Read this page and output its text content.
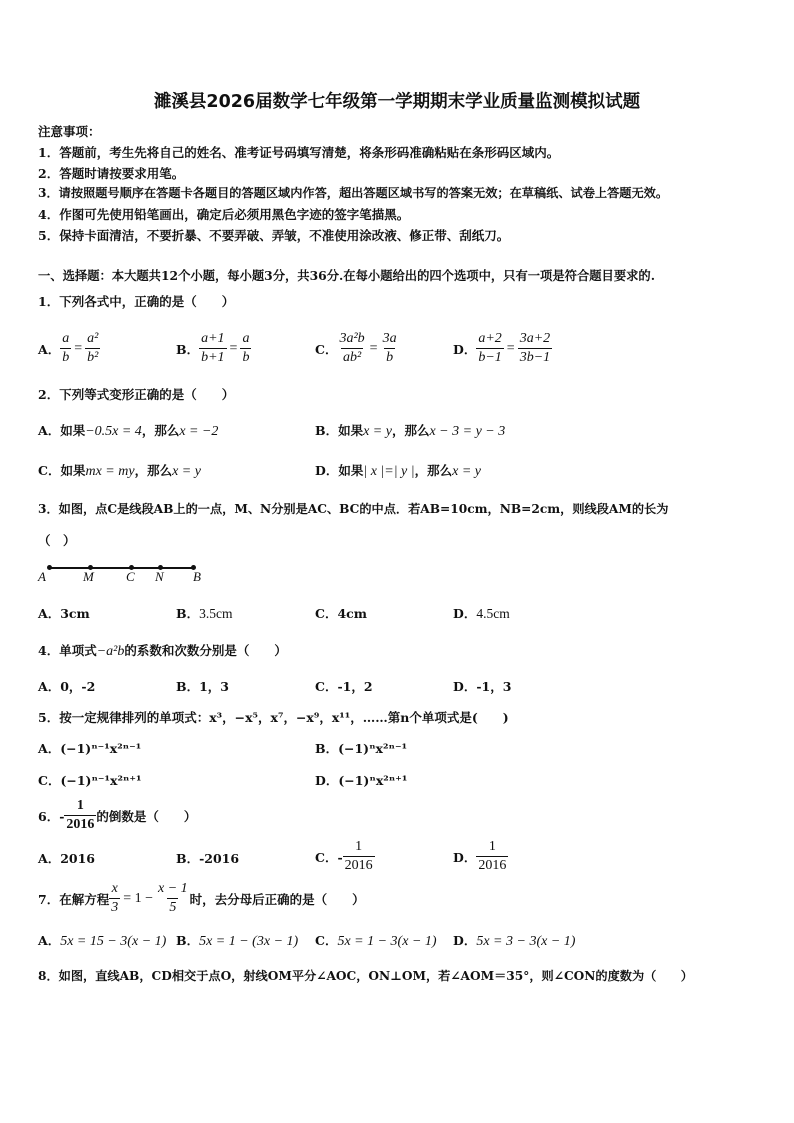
濉溪县2026届数学七年级第一学期期末学业质量监测模拟试题
注意事项：
1．答题前，考生先将自己的姓名、准考证号码填写清楚，将条形码准确粘贴在条形码区域内。
2．答题时请按要求用笔。
3．请按照题号顺序在答题卡各题目的答题区域内作答，超出答题区域书写的答案无效；在草稿纸、试卷上答题无效。
4．作图可先使用铅笔画出，确定后必须用黑色字迹的签字笔描黑。
5．保持卡面清洁，不要折暴、不要弄破、弄皱，不准使用涂改液、修正带、刮纸刀。
一、选择题：本大题共12个小题，每小题3分，共36分.在每小题给出的四个选项中，只有一项是符合题目要求的.
1．下列各式中，正确的是（　　）
A． $\frac{a}{b} = \frac{\text{a²}}{\text{b²}}$	B． $\frac{a+1}{b+1} = \frac{a}{b}$	C． $\frac{\text{3a²b}}{\text{ab²}} = \frac{3a}{b}$	D． $\frac{a+2}{b-1} = \frac{3a+2}{3b-1}$
2．下列等式变形正确的是（　　）
A．如果−0.5x = 4，那么x = −2	B．如果x = y，那么x − 3 = y − 3
C．如果mx = my，那么x = y	D．如果| x |=| y |，那么x = y
3．如图，点C是线段AB上的一点，M、N分别是AC、BC的中点．若AB=10cm，NB=2cm，则线段AM的长为
（　）
A	M C N B
A．3cm	B．3.5cm	C．4cm	D．4.5cm
4．单项式−a²b的系数和次数分别是（　　）
A．0，-2	B．1，3	C．-1，2	D．-1，3
5．按一定规律排列的单项式：x³，−x⁵，x⁷，−x⁹，x¹¹，……第n个单项式是(　　)
A．(−1)ⁿ⁻¹x²ⁿ⁻¹	B．(−1)ⁿx²ⁿ⁻¹
C．(−1)ⁿ⁻¹x²ⁿ⁺¹	D．(−1)ⁿx²ⁿ⁺¹
6．- $\frac{1}{2016}$ 的倒数是（　　）
A．2016	B．-2016	C．- $\frac{1}{2016}$	D． $\frac{1}{2016}$
7．在解方程 $\frac{x}{3} = 1 - \frac{x - 1}{5}$ 时，去分母后正确的是（　　）
A．5x = 15 − 3(x − 1) B．5x = 1 − (3x − 1) C．5x = 1 − 3(x − 1) D．5x = 3 − 3(x − 1)
8．如图，直线AB，CD相交于点O，射线OM平分∠AOC，ON⊥OM，若∠AOM＝35°，则∠CON的度数为（　　）
